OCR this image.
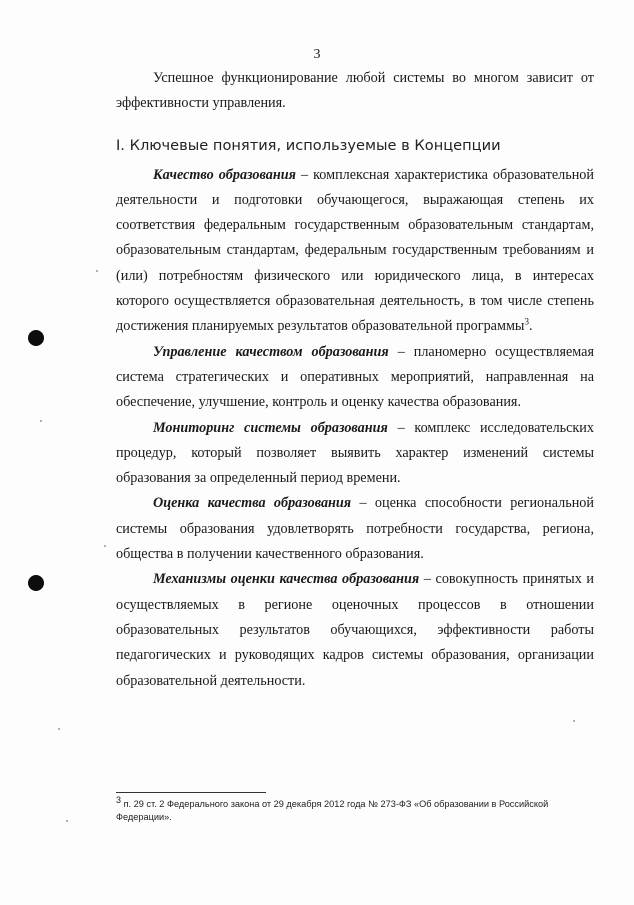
3

Успешное функционирование любой системы во многом зависит от эффективности управления.

I. Ключевые понятия, используемые в Концепции

Качество образования – комплексная характеристика образовательной деятельности и подготовки обучающегося, выражающая степень их соответствия федеральным государственным образовательным стандартам, образовательным стандартам, федеральным государственным требованиям и (или) потребностям физического или юридического лица, в интересах которого осуществляется образовательная деятельность, в том числе степень достижения планируемых результатов образовательной программы$^3$.

Управление качеством образования – планомерно осуществляемая система стратегических и оперативных мероприятий, направленная на обеспечение, улучшение, контроль и оценку качества образования.

Мониторинг системы образования – комплекс исследовательских процедур, который позволяет выявить характер изменений системы образования за определенный период времени.

Оценка качества образования – оценка способности региональной системы образования удовлетворять потребности государства, региона, общества в получении качественного образования.

Механизмы оценки качества образования – совокупность принятых и осуществляемых в регионе оценочных процессов в отношении образовательных результатов обучающихся, эффективности работы педагогических и руководящих кадров системы образования, организации образовательной деятельности.

$^3$ п. 29 ст. 2 Федерального закона от 29 декабря 2012 года № 273-ФЗ «Об образовании в Российской Федерации».
